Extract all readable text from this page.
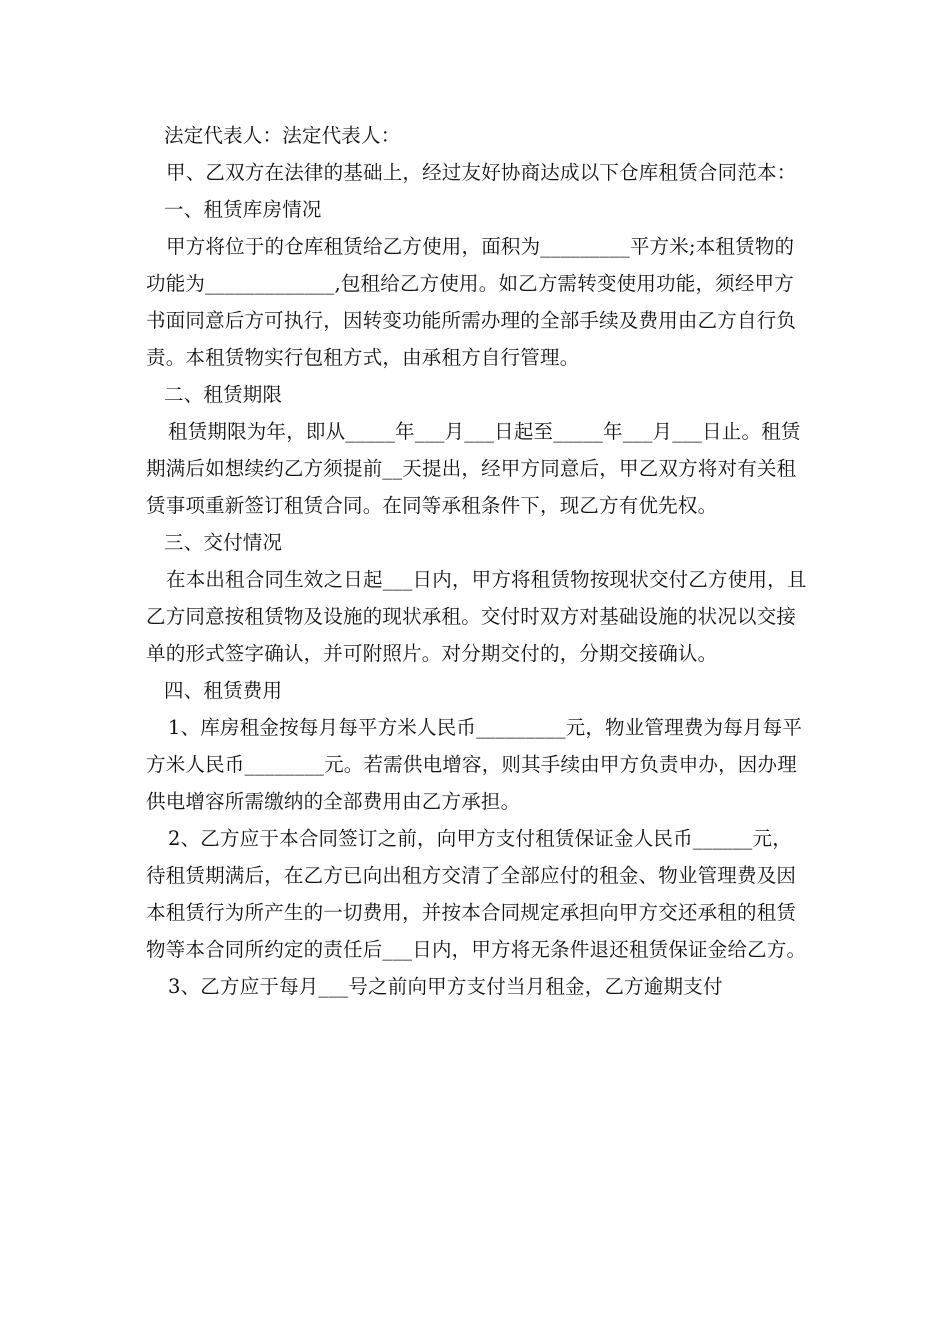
法定代表人：法定代表人：

甲、乙双方在法律的基础上，经过友好协商达成以下仓库租赁合同范本：

一、租赁库房情况

甲方将位于的仓库租赁给乙方使用，面积为_________平方米;本租赁物的功能为_____________,包租给乙方使用。如乙方需转变使用功能，须经甲方书面同意后方可执行，因转变功能所需办理的全部手续及费用由乙方自行负责。本租赁物实行包租方式，由承租方自行管理。

二、租赁期限

租赁期限为年，即从_____年___月___日起至_____年___月___日止。租赁期满后如想续约乙方须提前__天提出，经甲方同意后，甲乙双方将对有关租赁事项重新签订租赁合同。在同等承租条件下，现乙方有优先权。

三、交付情况

在本出租合同生效之日起___日内，甲方将租赁物按现状交付乙方使用，且乙方同意按租赁物及设施的现状承租。交付时双方对基础设施的状况以交接单的形式签字确认，并可附照片。对分期交付的，分期交接确认。

四、租赁费用

1、库房租金按每月每平方米人民币_________元，物业管理费为每月每平方米人民币________元。若需供电增容，则其手续由甲方负责申办，因办理供电增容所需缴纳的全部费用由乙方承担。

2、乙方应于本合同签订之前，向甲方支付租赁保证金人民币______元，待租赁期满后，在乙方已向出租方交清了全部应付的租金、物业管理费及因本租赁行为所产生的一切费用，并按本合同规定承担向甲方交还承租的租赁物等本合同所约定的责任后___日内，甲方将无条件退还租赁保证金给乙方。

3、乙方应于每月___号之前向甲方支付当月租金，乙方逾期支付
